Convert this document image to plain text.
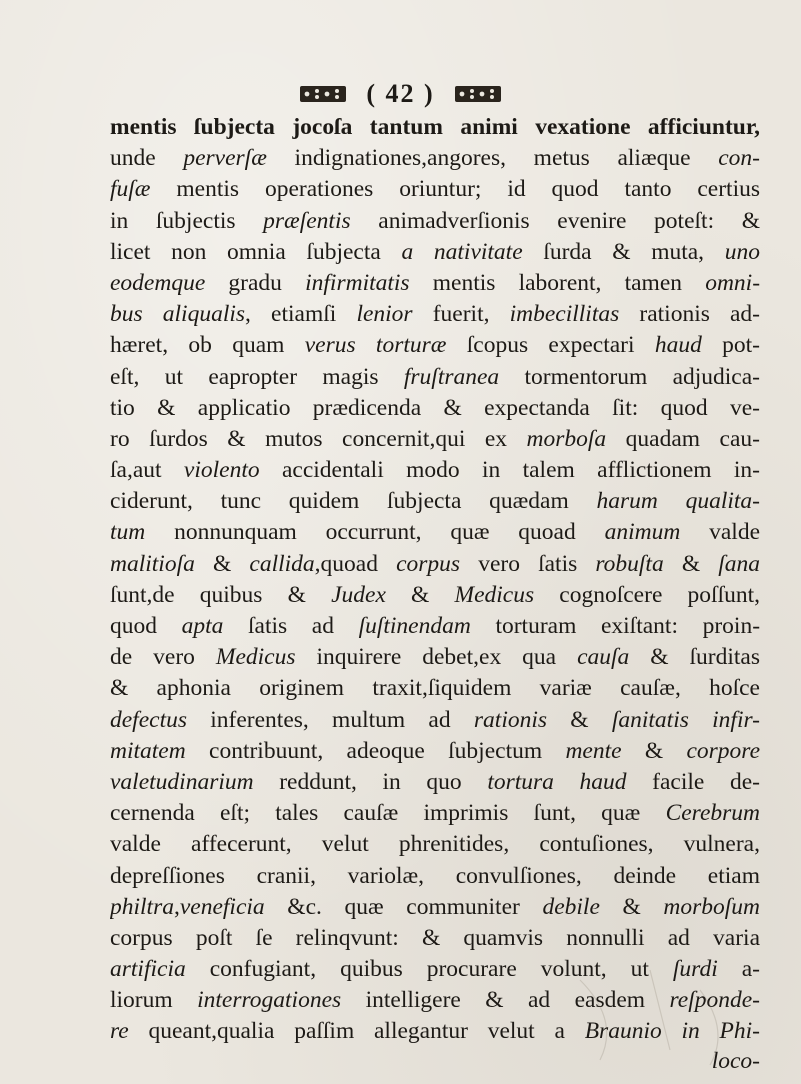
( 42 )
mentis ſubjecta jocoſa tantum animi vexatione afficiuntur,
unde perverſæ indignationes,angores, metus aliæque con-
fuſæ mentis operationes oriuntur; id quod tanto certius
in ſubjectis præſentis animadverſionis evenire poteſt: &
licet non omnia ſubjecta a nativitate ſurda & muta, uno
eodemque gradu infirmitatis mentis laborent, tamen omni-
bus aliqualis, etiamſi lenior fuerit, imbecillitas rationis ad-
hæret, ob quam verus torturæ ſcopus expectari haud pot-
eſt, ut eapropter magis fruſtranea tormentorum adjudica-
tio & applicatio prædicenda & expectanda ſit: quod ve-
ro ſurdos & mutos concernit,qui ex morboſa quadam cau-
ſa,aut violento accidentali modo in talem afflictionem in-
ciderunt, tunc quidem ſubjecta quædam harum qualita-
tum nonnunquam occurrunt, quæ quoad animum valde
malitioſa & callida,quoad corpus vero ſatis robuſta & ſana
ſunt,de quibus & Judex & Medicus cognoſcere poſſunt,
quod apta ſatis ad ſuſtinendam torturam exiſtant: proin-
de vero Medicus inquirere debet,ex qua cauſa & ſurditas
& aphonia originem traxit,ſiquidem variæ cauſæ, hoſce
defectus inferentes, multum ad rationis & ſanitatis infir-
mitatem contribuunt, adeoque ſubjectum mente & corpore
valetudinarium reddunt, in quo tortura haud facile de-
cernenda eſt; tales cauſæ imprimis ſunt, quæ Cerebrum
valde affecerunt, velut phrenitides, contuſiones, vulnera,
depreſſiones cranii, variolæ, convulſiones, deinde etiam
philtra,veneficia &c. quæ communiter debile & morboſum
corpus poſt ſe relinqvunt: & quamvis nonnulli ad varia
artificia confugiant, quibus procurare volunt, ut ſurdi a-
liorum interrogationes intelligere & ad easdem reſponde-
re queant,qualia paſſim allegantur velut a Braunio in Phi-
loco-
